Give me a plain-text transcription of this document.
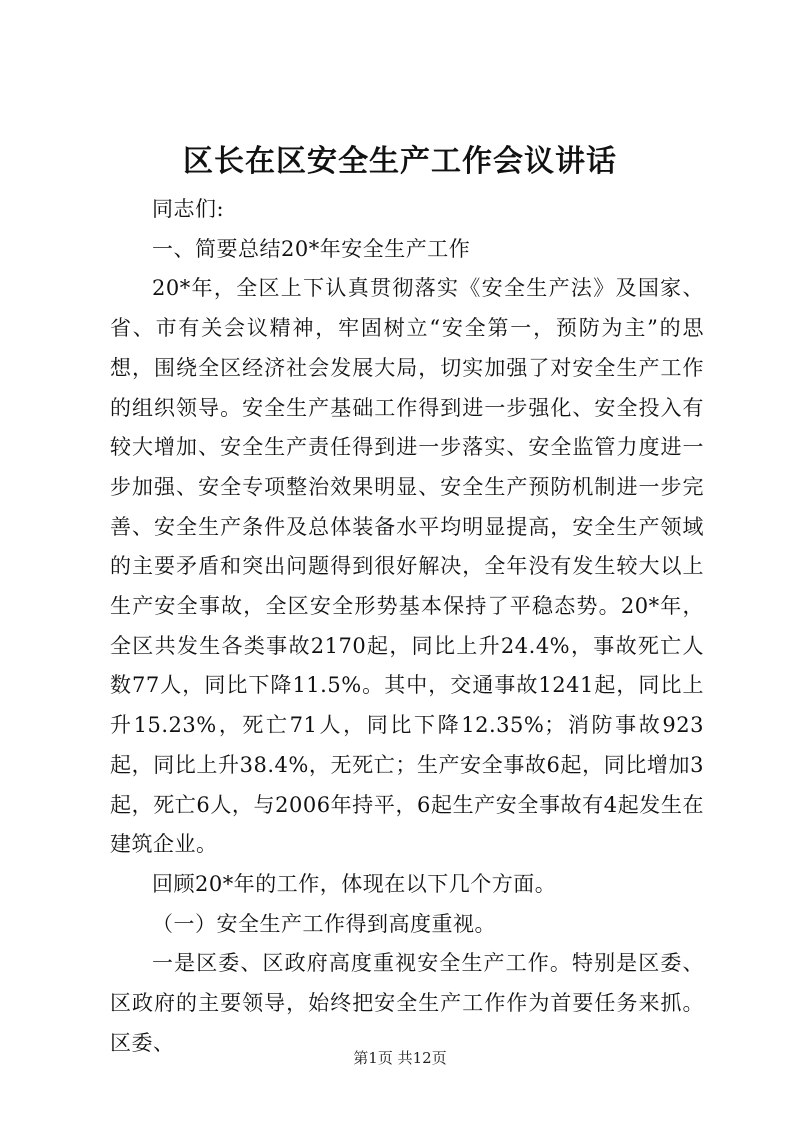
区长在区安全生产工作会议讲话

同志们:

一、简要总结20*年安全生产工作

20*年，全区上下认真贯彻落实《安全生产法》及国家、省、市有关会议精神，牢固树立“安全第一，预防为主”的思想，围绕全区经济社会发展大局，切实加强了对安全生产工作的组织领导。安全生产基础工作得到进一步强化、安全投入有较大增加、安全生产责任得到进一步落实、安全监管力度进一步加强、安全专项整治效果明显、安全生产预防机制进一步完善、安全生产条件及总体装备水平均明显提高，安全生产领域的主要矛盾和突出问题得到很好解决，全年没有发生较大以上生产安全事故，全区安全形势基本保持了平稳态势。20*年，全区共发生各类事故2170起，同比上升24.4%，事故死亡人数77人，同比下降11.5%。其中，交通事故1241起，同比上升15.23%，死亡71人，同比下降12.35%；消防事故923起，同比上升38.4%，无死亡；生产安全事故6起，同比增加3起，死亡6人，与2006年持平，6起生产安全事故有4起发生在建筑企业。

回顾20*年的工作，体现在以下几个方面。

（一）安全生产工作得到高度重视。

一是区委、区政府高度重视安全生产工作。特别是区委、区政府的主要领导，始终把安全生产工作作为首要任务来抓。区委、

第1页 共12页
